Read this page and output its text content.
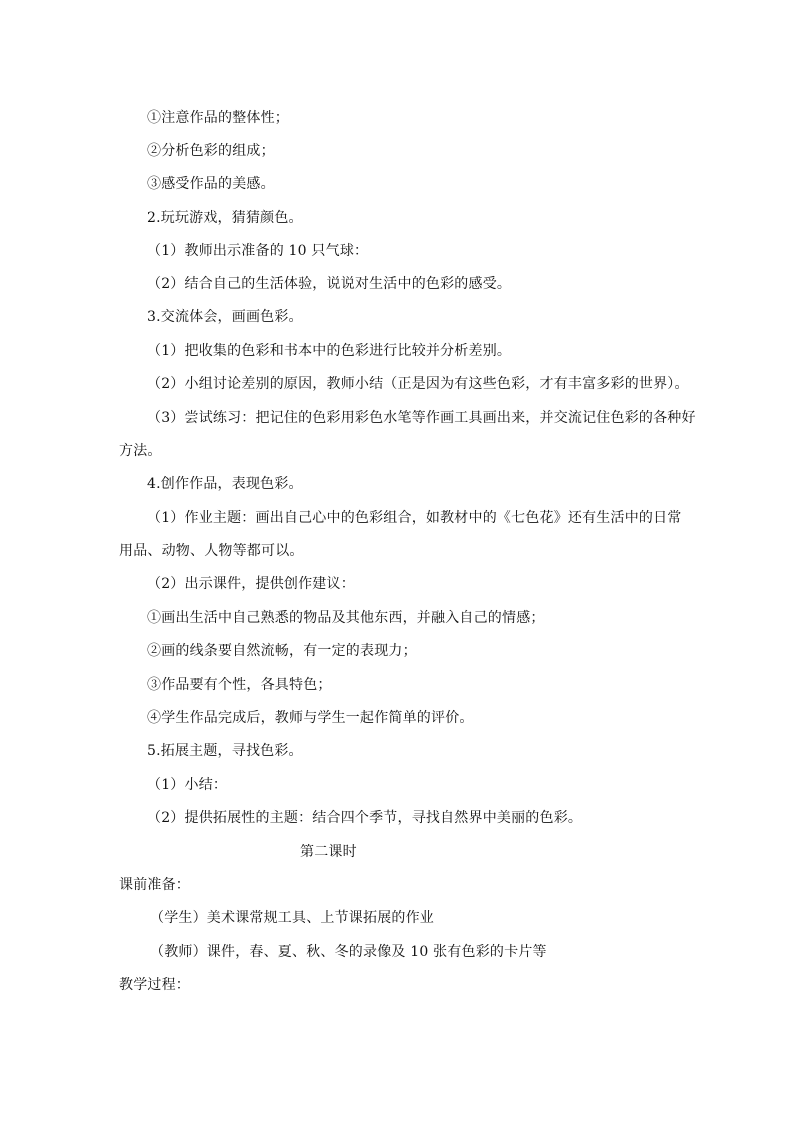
①注意作品的整体性；
②分析色彩的组成；
③感受作品的美感。
2.玩玩游戏，猜猜颜色。
（1）教师出示准备的 10 只气球：
（2）结合自己的生活体验，说说对生活中的色彩的感受。
3.交流体会，画画色彩。
（1）把收集的色彩和书本中的色彩进行比较并分析差别。
（2）小组讨论差别的原因，教师小结（正是因为有这些色彩，才有丰富多彩的世界）。
（3）尝试练习：把记住的色彩用彩色水笔等作画工具画出来，并交流记住色彩的各种好
方法。
4.创作作品，表现色彩。
（1）作业主题：画出自己心中的色彩组合，如教材中的《七色花》还有生活中的日常
用品、动物、人物等都可以。
（2）出示课件，提供创作建议：
①画出生活中自己熟悉的物品及其他东西，并融入自己的情感；
②画的线条要自然流畅，有一定的表现力；
③作品要有个性，各具特色；
④学生作品完成后，教师与学生一起作简单的评价。
5.拓展主题，寻找色彩。
（1）小结：
（2）提供拓展性的主题：结合四个季节，寻找自然界中美丽的色彩。
第二课时
课前准备：
（学生）美术课常规工具、上节课拓展的作业
（教师）课件，春、夏、秋、冬的录像及 10 张有色彩的卡片等
教学过程：
